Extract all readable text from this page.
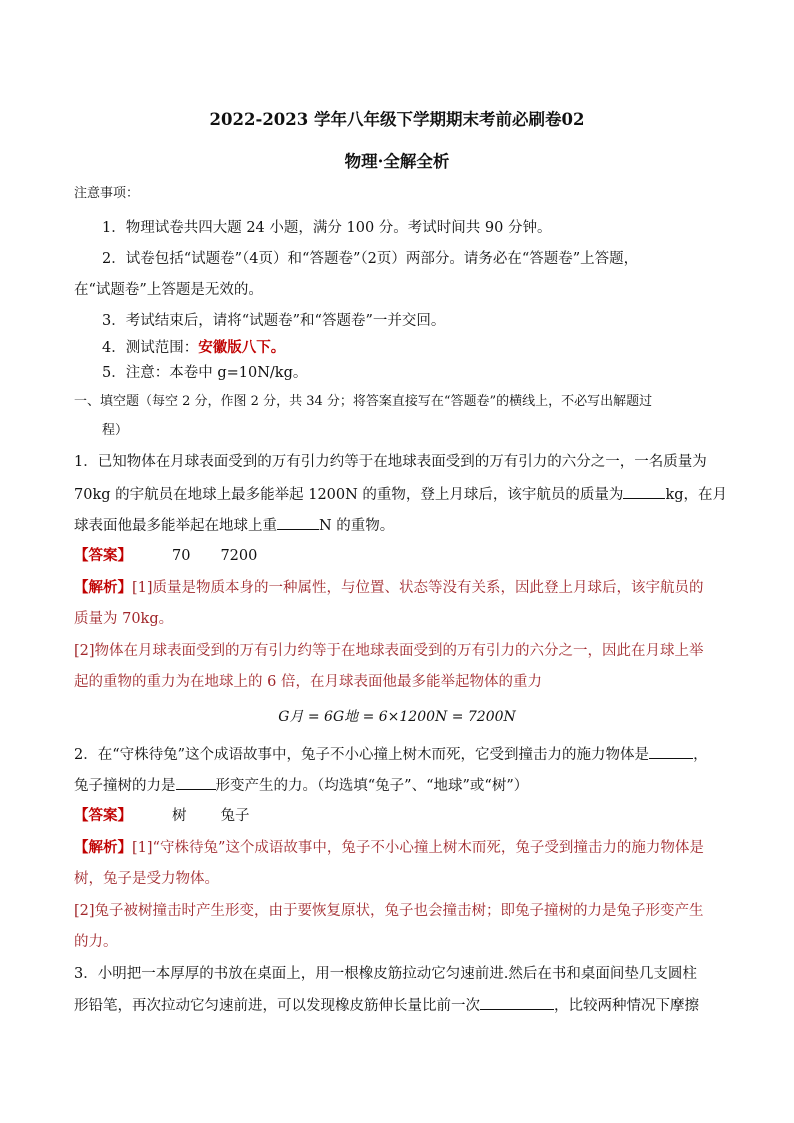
2022-2023 学年八年级下学期期末考前必刷卷02
物理·全解全析
注意事项：
1．物理试卷共四大题 24 小题，满分 100 分。考试时间共 90 分钟。
2．试卷包括“试题卷”（4页）和“答题卷”（2页）两部分。请务必在“答题卷”上答题，
在“试题卷”上答题是无效的。
3．考试结束后，请将“试题卷”和“答题卷”一并交回。
4．测试范围：安徽版八下。
5．注意：本卷中 g=10N/kg。
一、填空题（每空 2 分，作图 2 分，共 34 分；将答案直接写在“答题卷”的横线上，不必写出解题过
程）
1．已知物体在月球表面受到的万有引力约等于在地球表面受到的万有引力的六分之一，一名质量为
70kg 的宇航员在地球上最多能举起 1200N 的重物，登上月球后，该宇航员的质量为	kg，在月
球表面他最多能举起在地球上重	N 的重物。
【答案】	70 7200
【解析】[1]质量是物质本身的一种属性，与位置、状态等没有关系，因此登上月球后，该宇航员的
质量为 70kg。
[2]物体在月球表面受到的万有引力约等于在地球表面受到的万有引力的六分之一，因此在月球上举
起的重物的重力为在地球上的 6 倍，在月球表面他最多能举起物体的重力
G月 = 6G地 = 6×1200N = 7200N
2．在“守株待兔”这个成语故事中，兔子不小心撞上树木而死，它受到撞击力的施力物体是	，
兔子撞树的力是	形变产生的力。（均选填“兔子”、“地球”或“树”）
【答案】	树 兔子
【解析】[1]“守株待兔”这个成语故事中，兔子不小心撞上树木而死，兔子受到撞击力的施力物体是
树，兔子是受力物体。
[2]兔子被树撞击时产生形变，由于要恢复原状，兔子也会撞击树；即兔子撞树的力是兔子形变产生
的力。
3．小明把一本厚厚的书放在桌面上，用一根橡皮筋拉动它匀速前进.然后在书和桌面间垫几支圆柱
形铅笔，再次拉动它匀速前进，可以发现橡皮筋伸长量比前一次	，比较两种情况下摩擦
